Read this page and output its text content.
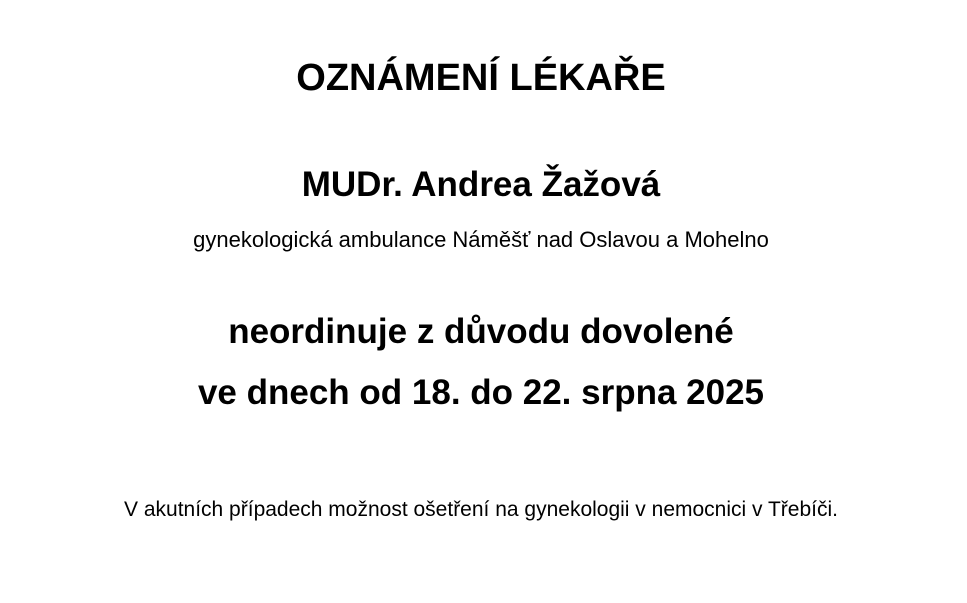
OZNÁMENÍ LÉKAŘE
MUDr. Andrea Žažová
gynekologická ambulance Náměšť nad Oslavou a Mohelno
neordinuje z důvodu dovolené
ve dnech od 18. do 22. srpna 2025
V akutních případech možnost ošetření na gynekologii v nemocnici v Třebíči.
